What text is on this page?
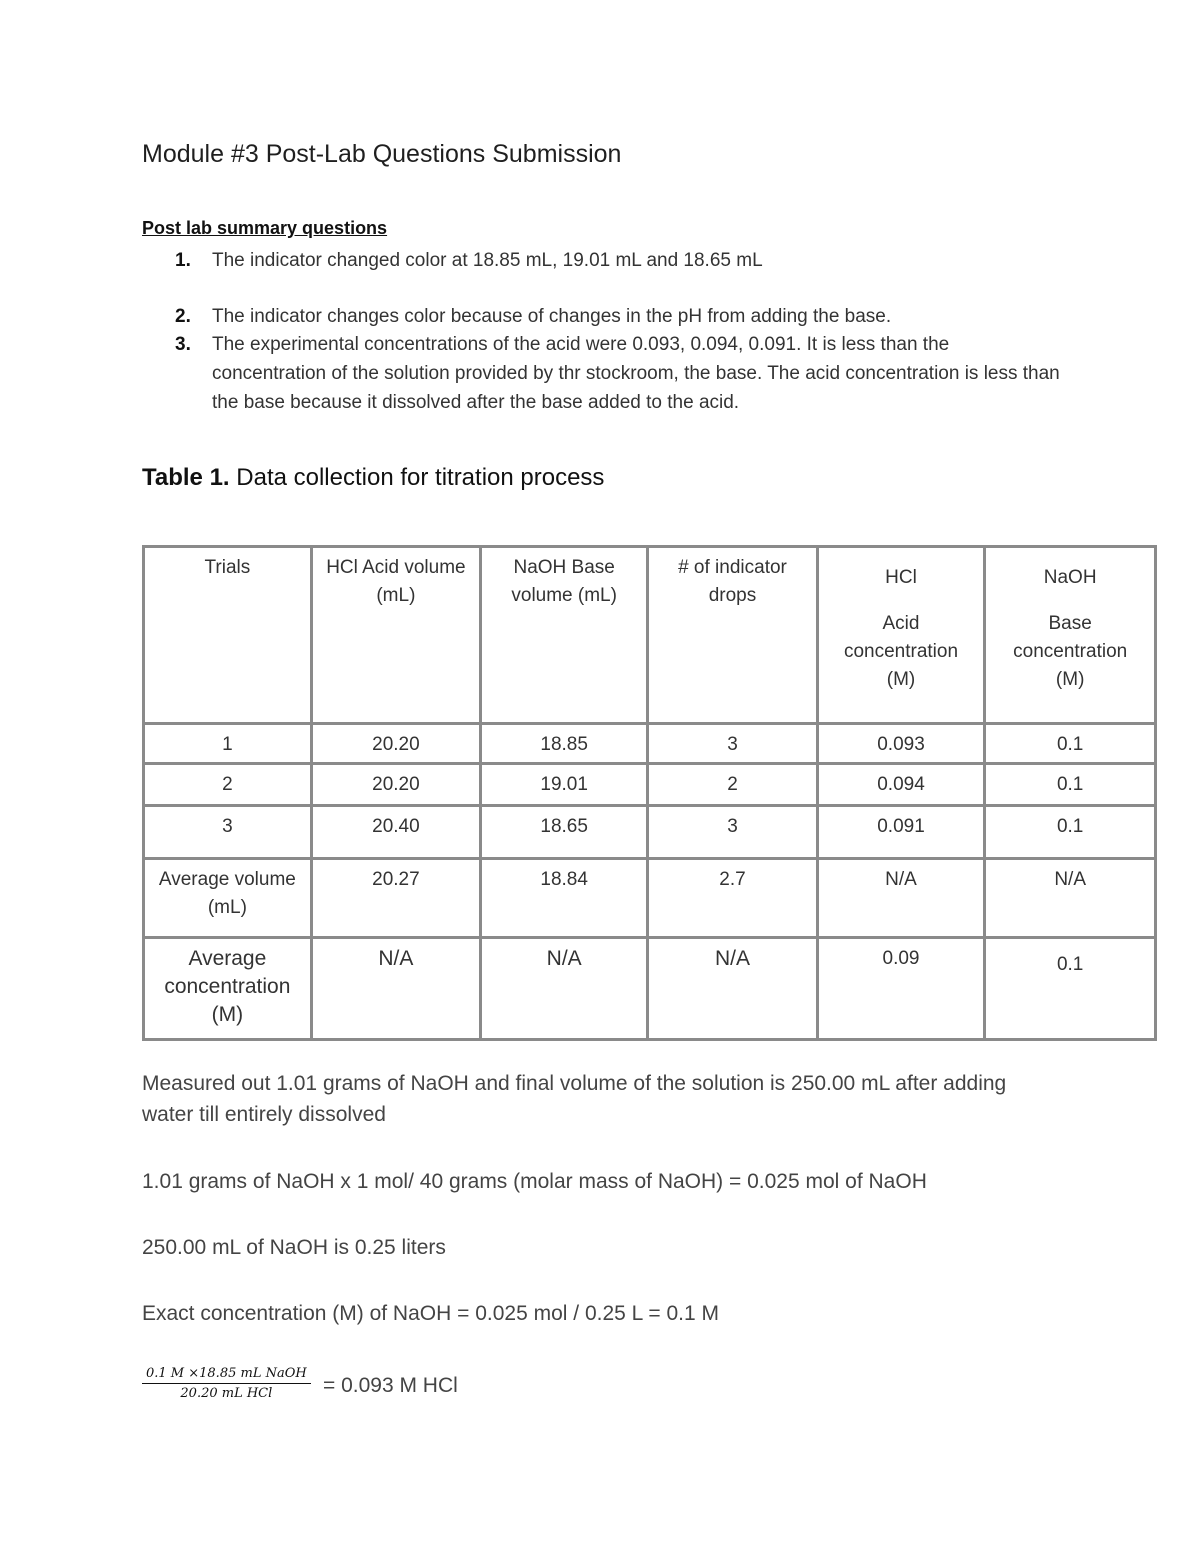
Module #3 Post-Lab Questions Submission

Post lab summary questions

1. The indicator changed color at 18.85 mL, 19.01 mL and 18.65 mL
2. The indicator changes color because of changes in the pH from adding the base.
3. The experimental concentrations of the acid were 0.093, 0.094, 0.091. It is less than the concentration of the solution provided by thr stockroom, the base. The acid concentration is less than the base because it dissolved after the base added to the acid.
Table 1. Data collection for titration process
Trials	HCl Acid volume (mL)	NaOH Base volume (mL)	# of indicator drops	HCl
Acid
concentration
(M)	NaOH
Base
concentration
(M)

1	20.20	18.85	3	0.093	0.1
2	20.20	19.01	2	0.094	0.1
3	20.40	18.65	3	0.091	0.1
Average volume (mL)	20.27	18.84	2.7	N/A	N/A
Average concentration (M)	N/A	N/A	N/A	0.09	0.1

Measured out 1.01 grams of NaOH and final volume of the solution is 250.00 mL after adding water till entirely dissolved

1.01 grams of NaOH x 1 mol/ 40 grams (molar mass of NaOH) = 0.025 mol of NaOH

250.00 mL of NaOH is 0.25 liters

Exact concentration (M) of NaOH = 0.025 mol / 0.25 L = 0.1 M

0.1 M ×18.85 mL NaOH
20.20 mL HCl	= 0.093 M HCl
